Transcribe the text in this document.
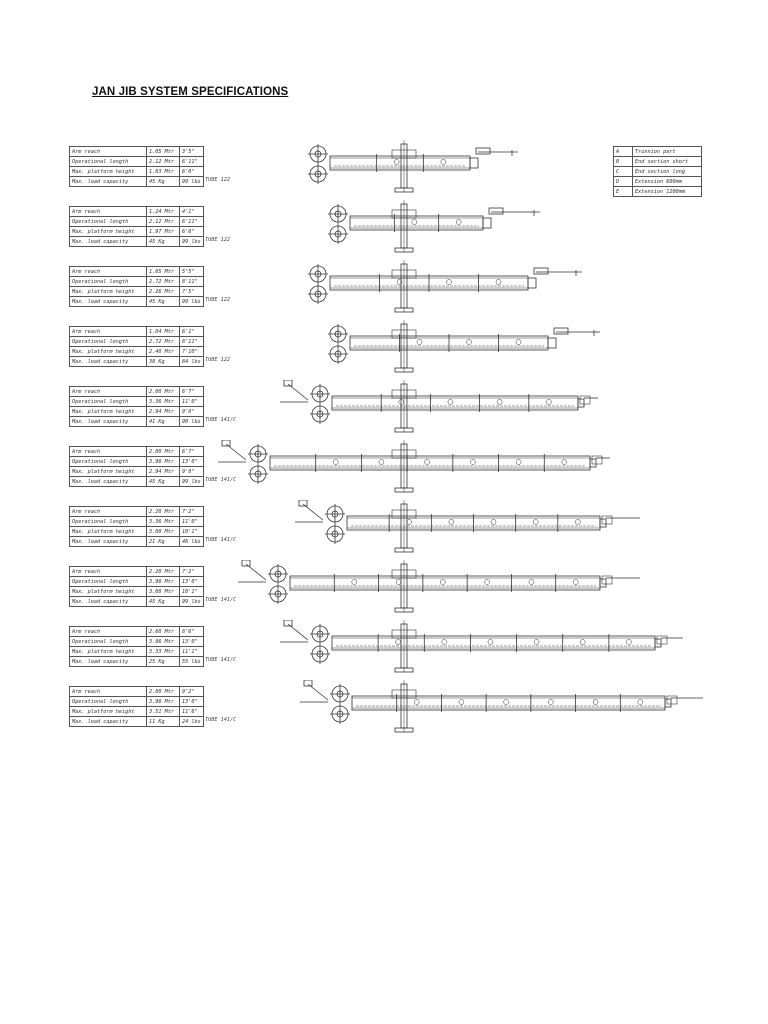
JAN JIB SYSTEM SPECIFICATIONS
A	Trunnion part
B	End section short
C	End section long
D	Extension 600mm
E	Extension 1200mm
Arm reach	1.05 Mtr	3'5"
Operational length	2.12 Mtr	6'11"
Max. platform height	1.83 Mtr	6'0"
Max. load capacity	45 Kg	99 lbs TUBE 122
Arm reach	1.24 Mtr	4'1"
Operational length	2.12 Mtr	6'11"
Max. platform height	1.97 Mtr	6'6"
Max. load capacity	45 Kg	99 lbs TUBE 122
Arm reach	1.65 Mtr	5'5"
Operational length	2.72 Mtr	8'11"
Max. platform height	2.26 Mtr	7'5"
Max. load capacity	45 Kg	99 lbs TUBE 122
Arm reach	1.84 Mtr	6'1"
Operational length	2.72 Mtr	8'11"
Max. platform height	2.40 Mtr	7'10"
Max. load capacity	38 Kg	84 lbs TUBE 122
Arm reach	2.00 Mtr	6'7"
Operational length	3.36 Mtr	11'0"
Max. platform height	2.94 Mtr	9'8"
Max. load capacity	41 Kg	90 lbs TUBE 141/C
Arm reach	2.00 Mtr	6'7"
Operational length	3.96 Mtr	13'0"
Max. platform height	2.94 Mtr	9'8"
Max. load capacity	45 Kg	99 lbs TUBE 141/C
Arm reach	2.20 Mtr	7'2"
Operational length	3.36 Mtr	11'0"
Max. platform height	3.08 Mtr	10'1"
Max. load capacity	21 Kg	46 lbs TUBE 141/C
Arm reach	2.20 Mtr	7'2"
Operational length	3.96 Mtr	13'0"
Max. platform height	3.08 Mtr	10'1"
Max. load capacity	45 Kg	99 lbs TUBE 141/C
Arm reach	2.60 Mtr	8'6"
Operational length	3.96 Mtr	13'0"
Max. platform height	3.33 Mtr	11'1"
Max. load capacity	25 Kg	55 lbs TUBE 141/C
Arm reach	2.80 Mtr	9'2"
Operational length	3.96 Mtr	13'0"
Max. platform height	3.51 Mtr	11'6"
Max. load capacity	11 Kg	24 lbs TUBE 141/C
